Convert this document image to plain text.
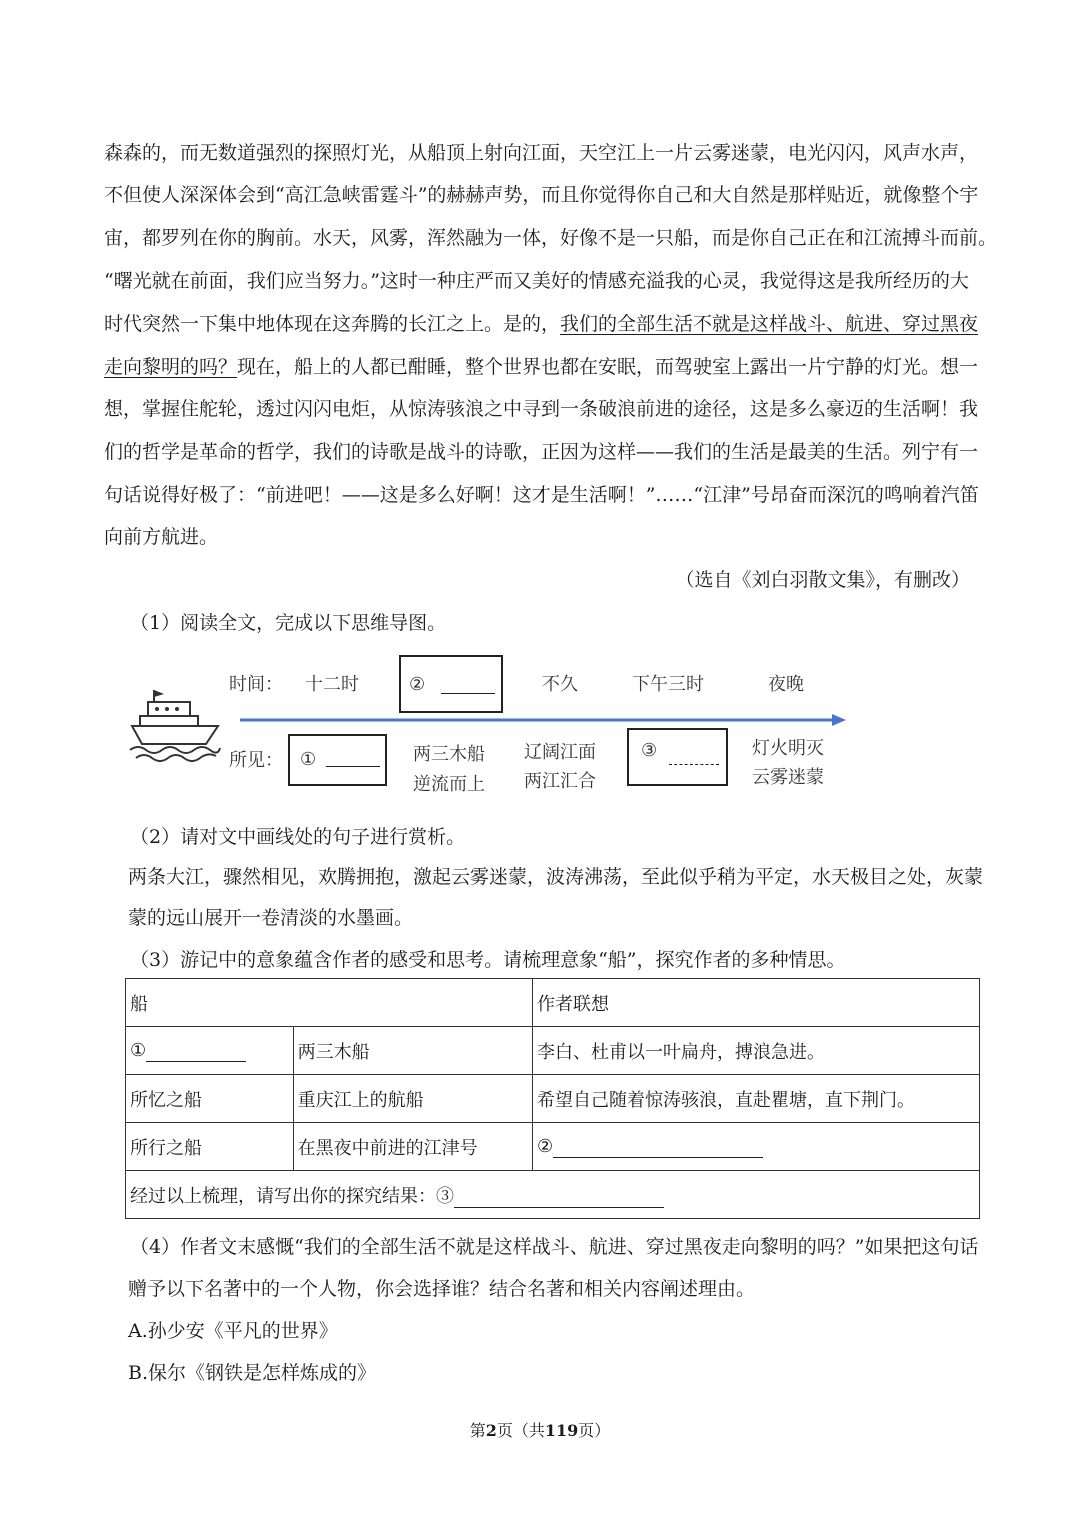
森森的，而无数道强烈的探照灯光，从船顶上射向江面，天空江上一片云雾迷蒙，电光闪闪，风声水声，
不但使人深深体会到“高江急峡雷霆斗”的赫赫声势，而且你觉得你自己和大自然是那样贴近，就像整个宇
宙，都罗列在你的胸前。水天，风雾，浑然融为一体，好像不是一只船，而是你自己正在和江流搏斗而前。
“曙光就在前面，我们应当努力。”这时一种庄严而又美好的情感充溢我的心灵，我觉得这是我所经历的大
时代突然一下集中地体现在这奔腾的长江之上。是的，我们的全部生活不就是这样战斗、航进、穿过黑夜
走向黎明的吗？现在，船上的人都已酣睡，整个世界也都在安眠，而驾驶室上露出一片宁静的灯光。想一
想，掌握住舵轮，透过闪闪电炬，从惊涛骇浪之中寻到一条破浪前进的途径，这是多么豪迈的生活啊！我
们的哲学是革命的哲学，我们的诗歌是战斗的诗歌，正因为这样——我们的生活是最美的生活。列宁有一
句话说得好极了：“前进吧！——这是多么好啊！这才是生活啊！”……“江津”号昂奋而深沉的鸣响着汽笛
向前方航进。
（选自《刘白羽散文集》，有删改）
（1）阅读全文，完成以下思维导图。
时间： 十二时	②	不久	下午三时	夜晚
所见： ①	两三木船
逆流而上
辽阔江面
两江汇合
③	灯火明灭
云雾迷蒙
（2）请对文中画线处的句子进行赏析。
两条大江，骤然相见，欢腾拥抱，激起云雾迷蒙，波涛沸荡，至此似乎稍为平定，水天极目之处，灰蒙
蒙的远山展开一卷清淡的水墨画。
（3）游记中的意象蕴含作者的感受和思考。请梳理意象“船”，探究作者的多种情思。
船		作者联想
①	两三木船	李白、杜甫以一叶扁舟，搏浪急进。
所忆之船	重庆江上的航船	希望自己随着惊涛骇浪，直赴瞿塘，直下荆门。
所行之船	在黑夜中前进的江津号	②
经过以上梳理，请写出你的探究结果：③		
（4）作者文末感慨“我们的全部生活不就是这样战斗、航进、穿过黑夜走向黎明的吗？”如果把这句话
赠予以下名著中的一个人物，你会选择谁？结合名著和相关内容阐述理由。
A.孙少安《平凡的世界》
B.保尔《钢铁是怎样炼成的》
第2页（共119页）
